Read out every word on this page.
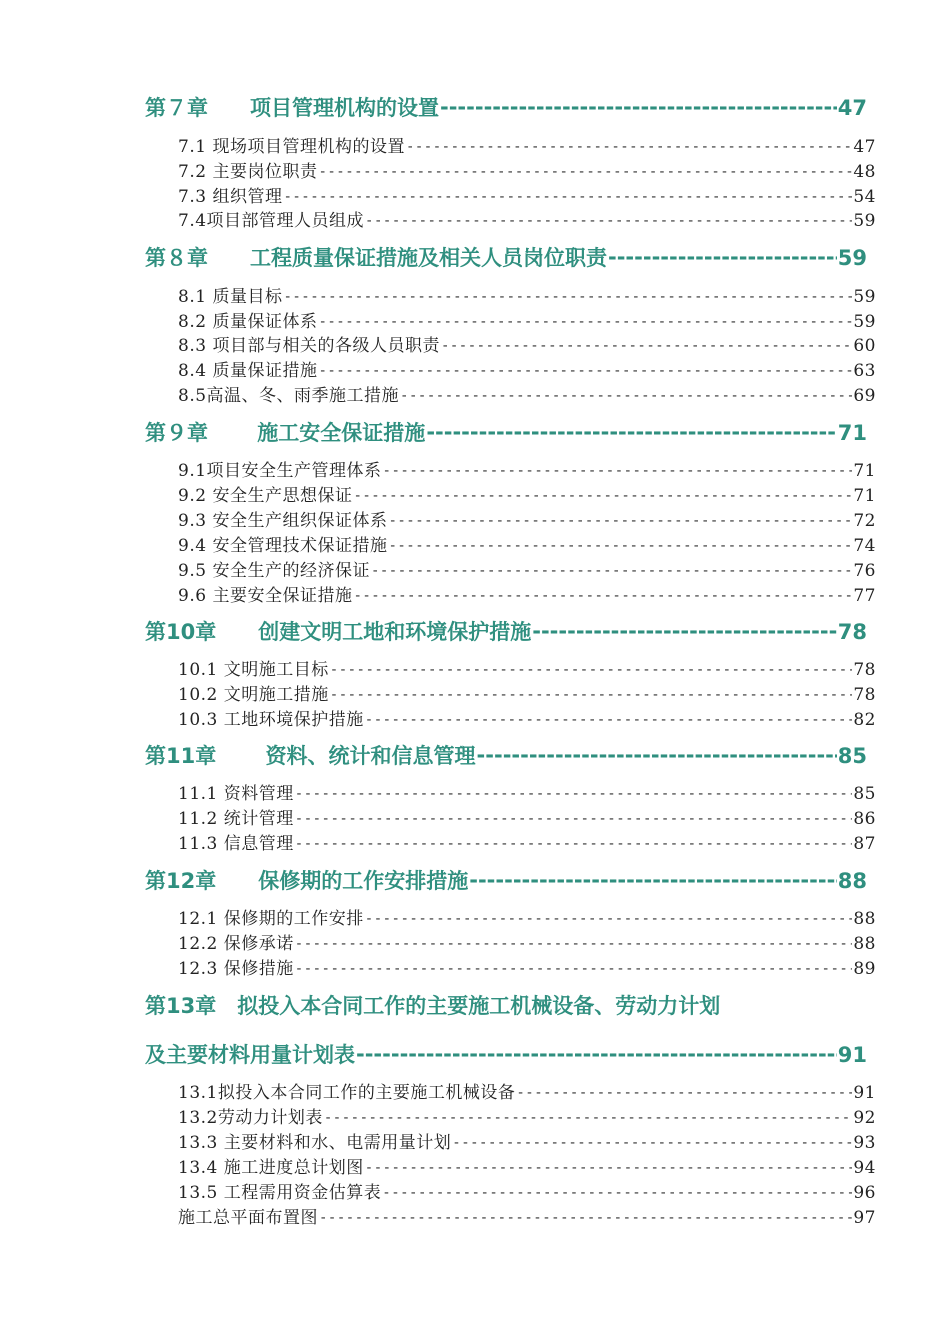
第７章　　项目管理机构的设置 -----	47
7.1 现场项目管理机构的设置 -----	47
7.2 主要岗位职责 -----	48
7.3 组织管理 -----	54
7.4项目部管理人员组成 -----	59
第８章　　工程质量保证措施及相关人员岗位职责 -----	59
8.1 质量目标 -----	59
8.2 质量保证体系 -----	59
8.3 项目部与相关的各级人员职责 -----	60
8.4 质量保证措施 -----	63
8.5高温、冬、雨季施工措施 -----	69
第９章　　 施工安全保证措施 -----	71
9.1项目安全生产管理体系 -----	71
9.2 安全生产思想保证 -----	71
9.3 安全生产组织保证体系 -----	72
9.4 安全管理技术保证措施 -----	74
9.5 安全生产的经济保证 -----	76
9.6 主要安全保证措施 -----	77
第10章　　创建文明工地和环境保护措施 -----	78
10.1 文明施工目标 -----	78
10.2 文明施工措施 -----	78
10.3 工地环境保护措施 -----	82
第11章　　 资料、统计和信息管理 -----	85
11.1 资料管理 -----	85
11.2 统计管理 -----	86
11.3 信息管理 -----	87
第12章　　保修期的工作安排措施 -----	88
12.1 保修期的工作安排 -----	88
12.2 保修承诺 -----	88
12.3 保修措施 -----	89
第13章　拟投入本合同工作的主要施工机械设备、劳动力计划
及主要材料用量计划表 -----	91
13.1拟投入本合同工作的主要施工机械设备 -----	91
13.2劳动力计划表 -----	92
13.3 主要材料和水、电需用量计划 -----	93
13.4 施工进度总计划图 -----	94
13.5 工程需用资金估算表 -----	96
施工总平面布置图 -----	97
